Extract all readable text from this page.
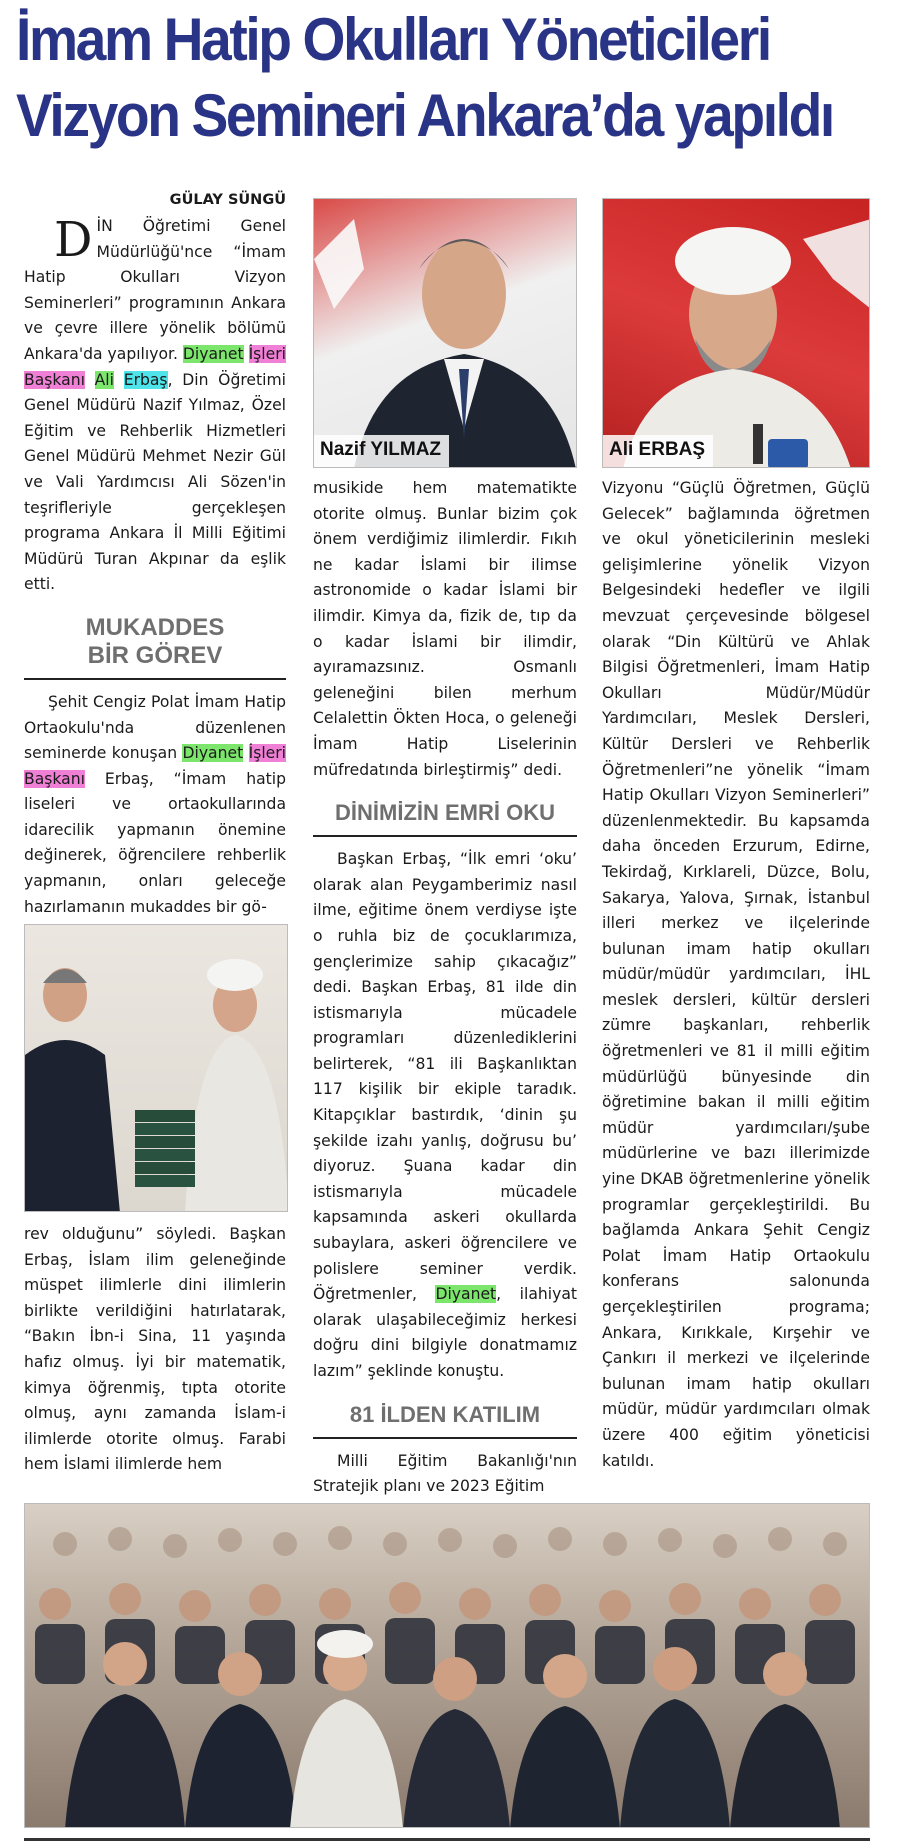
İmam Hatip Okulları Yöneticileri
Vizyon Semineri Ankara’da yapıldı
GÜLAY SÜNGÜ

DİN Öğretimi Genel Müdürlüğü'nce “İmam Hatip Okulları Vizyon Seminerleri” programının Ankara ve çevre illere yönelik bölümü Ankara'da yapılıyor. Diyanet İşleri Başkanı Ali Erbaş, Din Öğretimi Genel Müdürü Nazif Yılmaz, Özel Eğitim ve Rehberlik Hizmetleri Genel Müdürü Mehmet Nezir Gül ve Vali Yardımcısı Ali Sözen'in teşrifleriyle gerçekleşen programa Ankara İl Milli Eğitimi Müdürü Turan Akpınar da eşlik etti.

MUKADDES
BİR GÖREV

Şehit Cengiz Polat İmam Hatip Ortaokulu'nda düzenlenen seminerde konuşan Diyanet İşleri Başkanı Erbaş, “İmam hatip liseleri ve ortaokullarında idarecilik yapmanın önemine değinerek, öğrencilere rehberlik yapmanın, onları geleceğe hazırlamanın mukaddes bir gö-

rev olduğunu” söyledi. Başkan Erbaş, İslam ilim geleneğinde müspet ilimlerle dini ilimlerin birlikte verildiğini hatırlatarak, “Bakın İbn-i Sina, 11 yaşında hafız olmuş. İyi bir matematik, kimya öğrenmiş, tıpta otorite olmuş, aynı zamanda İslam-i ilimlerde otorite olmuş. Farabi hem İslami ilimlerde hem

musikide hem matematikte otorite olmuş. Bunlar bizim çok önem verdiğimiz ilimlerdir. Fıkıh ne kadar İslami bir ilimse astronomide o kadar İslami bir ilimdir. Kimya da, fizik de, tıp da o kadar İslami bir ilimdir, ayıramazsınız. Osmanlı geleneğini bilen merhum Celalettin Ökten Hoca, o geleneği İmam Hatip Liselerinin müfredatında birleştirmiş” dedi.

DİNİMİZİN EMRİ OKU

Başkan Erbaş, “İlk emri ‘oku’ olarak alan Peygamberimiz nasıl ilme, eğitime önem verdiyse işte o ruhla biz de çocuklarımıza, gençlerimize sahip çıkacağız” dedi. Başkan Erbaş, 81 ilde din istismarıyla mücadele programları düzenlediklerini belirterek, “81 ili Başkanlıktan 117 kişilik bir ekiple taradık. Kitapçıklar bastırdık, ‘dinin şu şekilde izahı yanlış, doğrusu bu’ diyoruz. Şuana kadar din istismarıyla mücadele kapsamında askeri okullarda subaylara, askeri öğrencilere ve polislere seminer verdik. Öğretmenler, Diyanet, ilahiyat olarak ulaşabileceğimiz herkesi doğru dini bilgiyle donatmamız lazım” şeklinde konuştu.

81 İLDEN KATILIM

Milli Eğitim Bakanlığı'nın Stratejik planı ve 2023 Eğitim

Vizyonu “Güçlü Öğretmen, Güçlü Gelecek” bağlamında öğretmen ve okul yöneticilerinin mesleki gelişimlerine yönelik Vizyon Belgesindeki hedefler ve ilgili mevzuat çerçevesinde bölgesel olarak “Din Kültürü ve Ahlak Bilgisi Öğretmenleri, İmam Hatip Okulları Müdür/Müdür Yardımcıları, Meslek Dersleri, Kültür Dersleri ve Rehberlik Öğretmenleri”ne yönelik “İmam Hatip Okulları Vizyon Seminerleri” düzenlenmektedir. Bu kapsamda daha önceden Erzurum, Edirne, Tekirdağ, Kırklareli, Düzce, Bolu, Sakarya, Yalova, Şırnak, İstanbul illeri merkez ve ilçelerinde bulunan imam hatip okulları müdür/müdür yardımcıları, İHL meslek dersleri, kültür dersleri zümre başkanları, rehberlik öğretmenleri ve 81 il milli eğitim müdürlüğü bünyesinde din öğretimine bakan il milli eğitim müdür yardımcıları/şube müdürlerine ve bazı illerimizde yine DKAB öğretmenlerine yönelik programlar gerçekleştirildi. Bu bağlamda Ankara Şehit Cengiz Polat İmam Hatip Ortaokulu konferans salonunda gerçekleştirilen programa; Ankara, Kırıkkale, Kırşehir ve Çankırı il merkezi ve ilçelerinde bulunan imam hatip okulları müdür, müdür yardımcıları olmak üzere 400 eğitim yöneticisi katıldı.

Nazif YILMAZ	Ali ERBAŞ
